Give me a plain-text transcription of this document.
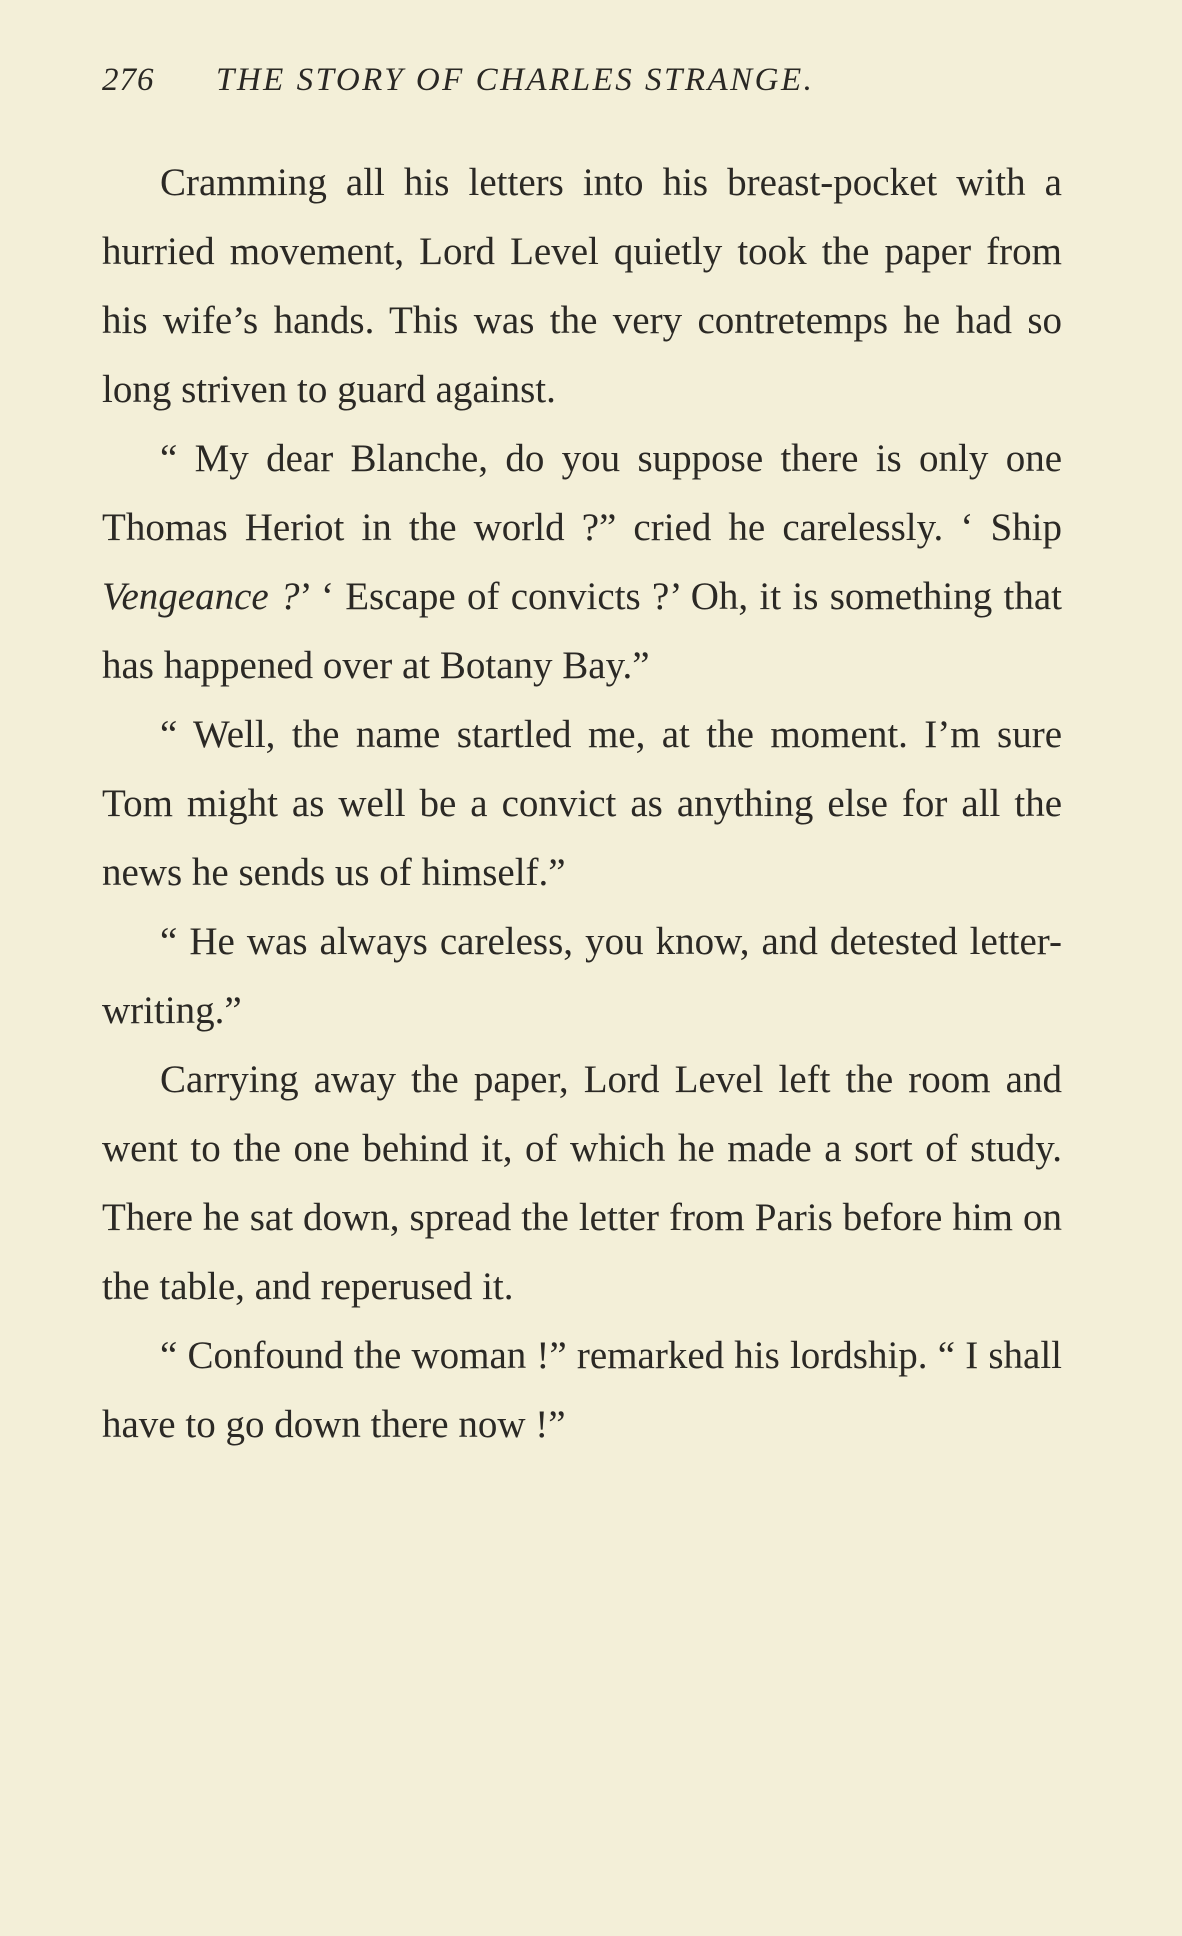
276 THE STORY OF CHARLES STRANGE.

Cramming all his letters into his breast-pocket with a hurried movement, Lord Level quietly took the paper from his wife’s hands. This was the very contretemps he had so long striven to guard against.

“ My dear Blanche, do you suppose there is only one Thomas Heriot in the world ?” cried he carelessly. ‘ Ship Vengeance ?’ ‘ Escape of convicts ?’ Oh, it is something that has happened over at Botany Bay.”

“ Well, the name startled me, at the moment. I’m sure Tom might as well be a convict as anything else for all the news he sends us of himself.”

“ He was always careless, you know, and detested letter-writing.”

Carrying away the paper, Lord Level left the room and went to the one behind it, of which he made a sort of study. There he sat down, spread the letter from Paris before him on the table, and reperused it.

“ Confound the woman !” remarked his lordship. “ I shall have to go down there now !”
